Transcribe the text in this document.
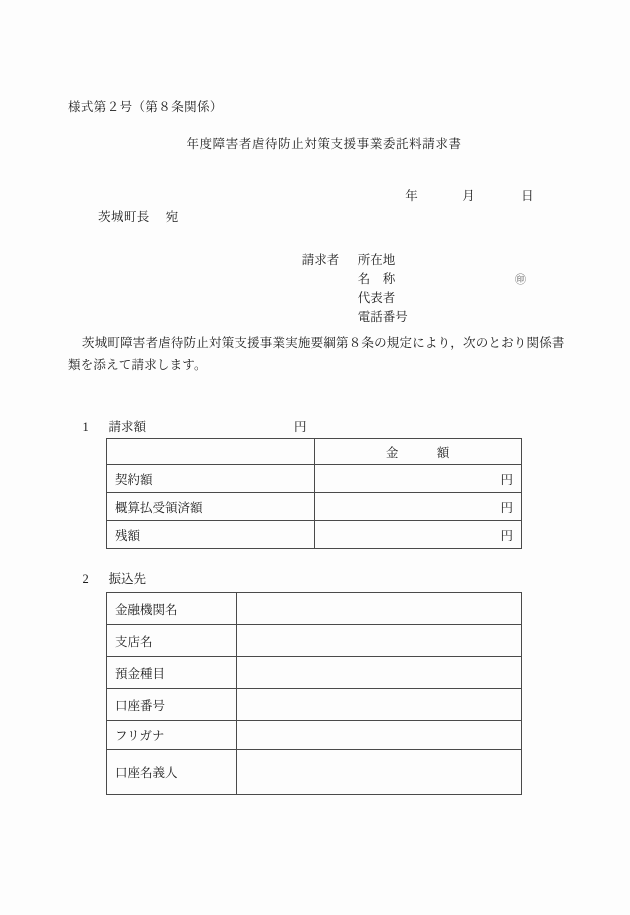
様式第２号（第８条関係）
年度障害者虐待防止対策支援事業委託料請求書

年	月	日

茨城町長 宛

請求者 所在地

名　称

代表者
㊞

電話番号

茨城町障害者虐待防止対策支援事業実施要綱第８条の規定により，次のとおり関係書類を添えて請求します。

1 請求額	円

	金 額
契約額	円
概算払受領済額	円
残額	円

2 振込先

金融機関名	
支店名	
預金種目	
口座番号	
フリガナ	
口座名義人	
